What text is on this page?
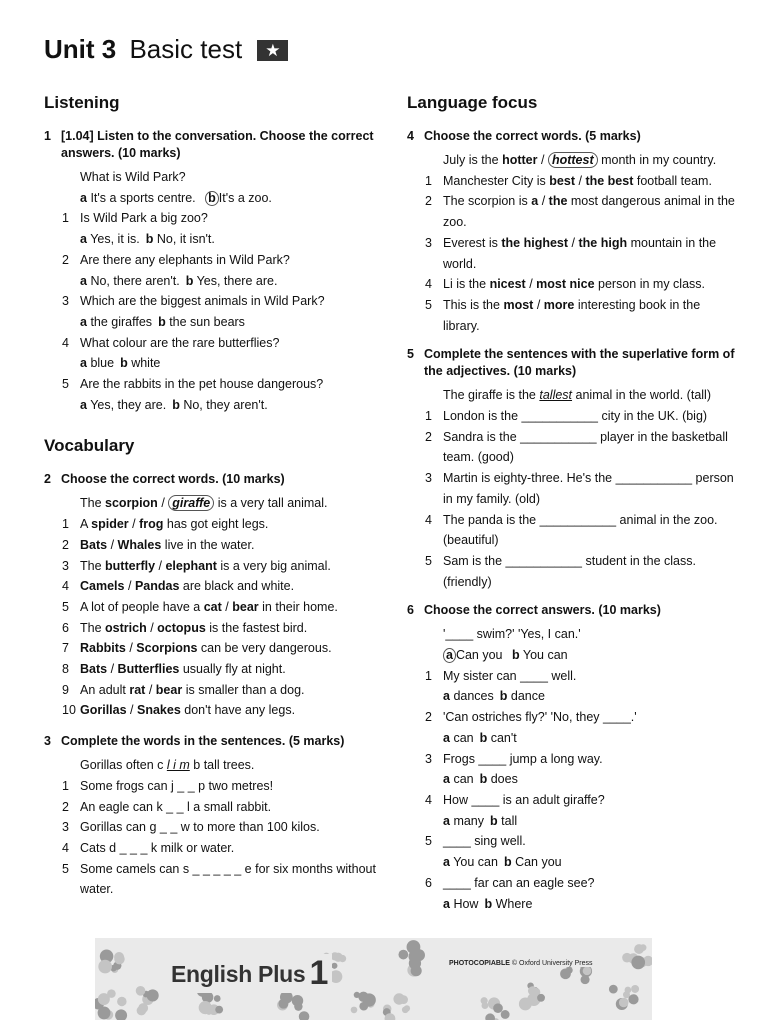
Unit 3 Basic test ★
Listening
1 [1.04] Listen to the conversation. Choose the correct answers. (10 marks)
What is Wild Park?
a It's a sports centre. b It's a zoo.
1 Is Wild Park a big zoo?
a Yes, it is. b No, it isn't.
2 Are there any elephants in Wild Park?
a No, there aren't. b Yes, there are.
3 Which are the biggest animals in Wild Park?
a the giraffes b the sun bears
4 What colour are the rare butterflies?
a blue b white
5 Are the rabbits in the pet house dangerous?
a Yes, they are. b No, they aren't.
Vocabulary
2 Choose the correct words. (10 marks)
The scorpion / giraffe is a very tall animal.
1 A spider / frog has got eight legs.
2 Bats / Whales live in the water.
3 The butterfly / elephant is a very big animal.
4 Camels / Pandas are black and white.
5 A lot of people have a cat / bear in their home.
6 The ostrich / octopus is the fastest bird.
7 Rabbits / Scorpions can be very dangerous.
8 Bats / Butterflies usually fly at night.
9 An adult rat / bear is smaller than a dog.
10 Gorillas / Snakes don't have any legs.
3 Complete the words in the sentences. (5 marks)
Gorillas often c l i m b tall trees.
1 Some frogs can j _ _ p two metres!
2 An eagle can k _ _ l a small rabbit.
3 Gorillas can g _ _ w to more than 100 kilos.
4 Cats d _ _ _ k milk or water.
5 Some camels can s _ _ _ _ _ e for six months without water.
Language focus
4 Choose the correct words. (5 marks)
July is the hotter / hottest month in my country.
1 Manchester City is best / the best football team.
2 The scorpion is a / the most dangerous animal in the zoo.
3 Everest is the highest / the high mountain in the world.
4 Li is the nicest / most nice person in my class.
5 This is the most / more interesting book in the library.
5 Complete the sentences with the superlative form of the adjectives. (10 marks)
The giraffe is the tallest animal in the world. (tall)
1 London is the ___________ city in the UK. (big)
2 Sandra is the ___________ player in the basketball team. (good)
3 Martin is eighty-three. He's the ___________ person in my family. (old)
4 The panda is the ___________ animal in the zoo. (beautiful)
5 Sam is the ___________ student in the class. (friendly)
6 Choose the correct answers. (10 marks)
'____ swim?' 'Yes, I can.'
a Can you b You can
1 My sister can ____ well.
a dances b dance
2 'Can ostriches fly?' 'No, they ____.'
a can b can't
3 Frogs ____ jump a long way.
a can b does
4 How ____ is an adult giraffe?
a many b tall
5 ____ sing well.
a You can b Can you
6 ____ far can an eagle see?
a How b Where
English Plus 1	PHOTOCOPIABLE © Oxford University Press
